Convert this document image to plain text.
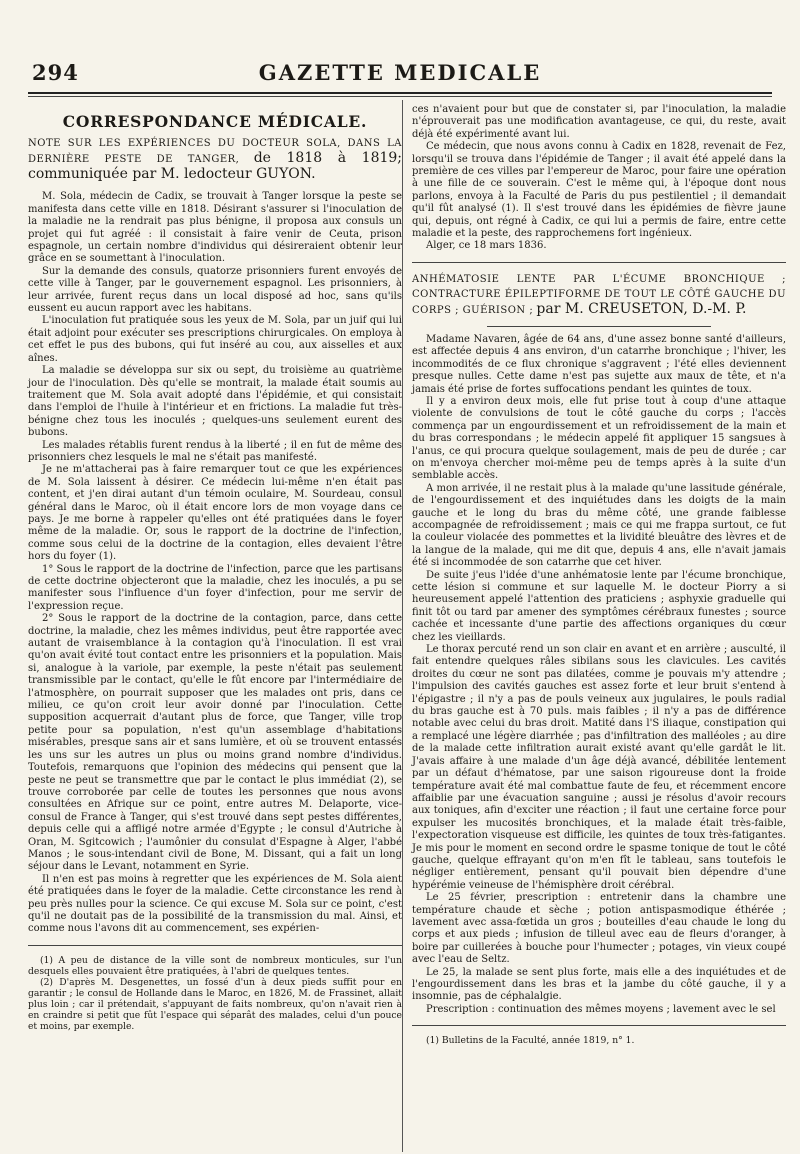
294	GAZETTE MEDICALE
CORRESPONDANCE MÉDICALE.
NOTE SUR LES EXPÉRIENCES DU DOCTEUR SOLA, DANS LA DERNIÈRE PESTE DE TANGER, de 1818 à 1819; communiquée par M. ledocteur GUYON.

M. Sola, médecin de Cadix, se trouvait à Tanger lorsque la peste se manifesta dans cette ville en 1818. Désirant s'assurer si l'inoculation de la maladie ne la rendrait pas plus bénigne, il proposa aux consuls un projet qui fut agréé : il consistait à faire venir de Ceuta, prison espagnole, un certain nombre d'individus qui désireraient obtenir leur grâce en se soumettant à l'inoculation.

Sur la demande des consuls, quatorze prisonniers furent envoyés de cette ville à Tanger, par le gouvernement espagnol. Les prisonniers, à leur arrivée, furent reçus dans un local disposé ad hoc, sans qu'ils eussent eu aucun rapport avec les habitans.

L'inoculation fut pratiquée sous les yeux de M. Sola, par un juif qui lui était adjoint pour exécuter ses prescriptions chirurgicales. On employa à cet effet le pus des bubons, qui fut inséré au cou, aux aisselles et aux aînes.

La maladie se développa sur six ou sept, du troisième au quatrième jour de l'inoculation. Dès qu'elle se montrait, la malade était soumis au traitement que M. Sola avait adopté dans l'épidémie, et qui consistait dans l'emploi de l'huile à l'intérieur et en frictions. La maladie fut très-bénigne chez tous les inoculés ; quelques-uns seulement eurent des bubons.

Les malades rétablis furent rendus à la liberté ; il en fut de même des prisonniers chez lesquels le mal ne s'était pas manifesté.

Je ne m'attacherai pas à faire remarquer tout ce que les expériences de M. Sola laissent à désirer. Ce médecin lui-même n'en était pas content, et j'en dirai autant d'un témoin oculaire, M. Sourdeau, consul général dans le Maroc, où il était encore lors de mon voyage dans ce pays. Je me borne à rappeler qu'elles ont été pratiquées dans le foyer même de la maladie. Or, sous le rapport de la doctrine de l'infection, comme sous celui de la doctrine de la contagion, elles devaient l'être hors du foyer (1).

1° Sous le rapport de la doctrine de l'infection, parce que les partisans de cette doctrine objecteront que la maladie, chez les inoculés, a pu se manifester sous l'influence d'un foyer d'infection, pour me servir de l'expression reçue.

2° Sous le rapport de la doctrine de la contagion, parce, dans cette doctrine, la maladie, chez les mêmes individus, peut être rapportée avec autant de vraisemblance à la contagion qu'à l'inoculation. Il est vrai qu'on avait évité tout contact entre les prisonniers et la population. Mais si, analogue à la variole, par exemple, la peste n'était pas seulement transmissible par le contact, qu'elle le fût encore par l'intermédiaire de l'atmosphère, on pourrait supposer que les malades ont pris, dans ce milieu, ce qu'on croit leur avoir donné par l'inoculation. Cette supposition acquerrait d'autant plus de force, que Tanger, ville trop petite pour sa population, n'est qu'un assemblage d'habitations misérables, presque sans air et sans lumière, et où se trouvent entassés les uns sur les autres un plus ou moins grand nombre d'individus. Toutefois, remarquons que l'opinion des médecins qui pensent que la peste ne peut se transmettre que par le contact le plus immédiat (2), se trouve corroborée par celle de toutes les personnes que nous avons consultées en Afrique sur ce point, entre autres M. Delaporte, vice-consul de France à Tanger, qui s'est trouvé dans sept pestes différentes, depuis celle qui a affligé notre armée d'Egypte ; le consul d'Autriche à Oran, M. Sgitcowich ; l'aumônier du consulat d'Espagne à Alger, l'abbé Manos ; le sous-intendant civil de Bone, M. Dissant, qui a fait un long séjour dans le Levant, notamment en Syrie.

Il n'en est pas moins à regretter que les expériences de M. Sola aient été pratiquées dans le foyer de la maladie. Cette circonstance les rend à peu près nulles pour la science. Ce qui excuse M. Sola sur ce point, c'est qu'il ne doutait pas de la possibilité de la transmission du mal. Ainsi, et comme nous l'avons dit au commencement, ses expérien-

(1) A peu de distance de la ville sont de nombreux monticules, sur l'un desquels elles pouvaient être pratiquées, à l'abri de quelques tentes.

(2) D'après M. Desgenettes, un fossé d'un à deux pieds suffit pour en garantir ; le consul de Hollande dans le Maroc, en 1826, M. de Frassinet, allait plus loin ; car il prétendait, s'appuyant de faits nombreux, qu'on n'avait rien à en craindre si petit que fût l'espace qui séparât des malades, celui d'un pouce et moins, par exemple.

ces n'avaient pour but que de constater si, par l'inoculation, la maladie n'éprouverait pas une modification avantageuse, ce qui, du reste, avait déjà été expérimenté avant lui.

Ce médecin, que nous avons connu à Cadix en 1828, revenait de Fez, lorsqu'il se trouva dans l'épidémie de Tanger ; il avait été appelé dans la première de ces villes par l'empereur de Maroc, pour faire une opération à une fille de ce souverain. C'est le même qui, à l'époque dont nous parlons, envoya à la Faculté de Paris du pus pestilentiel ; il demandait qu'il fût analysé (1). Il s'est trouvé dans les épidémies de fièvre jaune qui, depuis, ont régné à Cadix, ce qui lui a permis de faire, entre cette maladie et la peste, des rapprochemens fort ingénieux.

Alger, ce 18 mars 1836.

ANHÉMATOSIE LENTE PAR L'ÉCUME BRONCHIQUE ; CONTRACTURE ÉPILEPTIFORME DE TOUT LE CÔTÉ GAUCHE DU CORPS ; GUÉRISON ; par M. CREUSETON, D.-M. P.

Madame Navaren, âgée de 64 ans, d'une assez bonne santé d'ailleurs, est affectée depuis 4 ans environ, d'un catarrhe bronchique ; l'hiver, les incommodités de ce flux chronique s'aggravent ; l'été elles deviennent presque nulles. Cette dame n'est pas sujette aux maux de tête, et n'a jamais été prise de fortes suffocations pendant les quintes de toux.

Il y a environ deux mois, elle fut prise tout à coup d'une attaque violente de convulsions de tout le côté gauche du corps ; l'accès commença par un engourdissement et un refroidissement de la main et du bras correspondans ; le médecin appelé fit appliquer 15 sangsues à l'anus, ce qui procura quelque soulagement, mais de peu de durée ; car on m'envoya chercher moi-même peu de temps après à la suite d'un semblable accès.

A mon arrivée, il ne restait plus à la malade qu'une lassitude générale, de l'engourdissement et des inquiétudes dans les doigts de la main gauche et le long du bras du même côté, une grande faiblesse accompagnée de refroidissement ; mais ce qui me frappa surtout, ce fut la couleur violacée des pommettes et la lividité bleuâtre des lèvres et de la langue de la malade, qui me dit que, depuis 4 ans, elle n'avait jamais été si incommodée de son catarrhe que cet hiver.

De suite j'eus l'idée d'une anhématosie lente par l'écume bronchique, cette lésion si commune et sur laquelle M. le docteur Piorry a si heureusement appelé l'attention des praticiens ; asphyxie graduelle qui finit tôt ou tard par amener des symptômes cérébraux funestes ; source cachée et incessante d'une partie des affections organiques du cœur chez les vieillards.

Le thorax percuté rend un son clair en avant et en arrière ; ausculté, il fait entendre quelques râles sibilans sous les clavicules. Les cavités droites du cœur ne sont pas dilatées, comme je pouvais m'y attendre ; l'impulsion des cavités gauches est assez forte et leur bruit s'entend à l'épigastre ; il n'y a pas de pouls veineux aux jugulaires, le pouls radial du bras gauche est à 70 puls. mais faibles ; il n'y a pas de différence notable avec celui du bras droit. Matité dans l'S iliaque, constipation qui a remplacé une légère diarrhée ; pas d'infiltration des malléoles ; au dire de la malade cette infiltration aurait existé avant qu'elle gardât le lit. J'avais affaire à une malade d'un âge déjà avancé, débilitée lentement par un défaut d'hématose, par une saison rigoureuse dont la froide température avait été mal combattue faute de feu, et récemment encore affaiblie par une évacuation sanguine ; aussi je résolus d'avoir recours aux toniques, afin d'exciter une réaction ; il faut une certaine force pour expulser les mucosités bronchiques, et la malade était très-faible, l'expectoration visqueuse est difficile, les quintes de toux très-fatigantes. Je mis pour le moment en second ordre le spasme tonique de tout le côté gauche, quelque effrayant qu'on m'en fît le tableau, sans toutefois le négliger entièrement, pensant qu'il pouvait bien dépendre d'une hypérémie veineuse de l'hémisphère droit cérébral.

Le 25 février, prescription : entretenir dans la chambre une température chaude et sèche ; potion antispasmodique éthérée ; lavement avec assa-fœtida un gros ; bouteilles d'eau chaude le long du corps et aux pieds ; infusion de tilleul avec eau de fleurs d'oranger, à boire par cuillerées à bouche pour l'humecter ; potages, vin vieux coupé avec l'eau de Seltz.

Le 25, la malade se sent plus forte, mais elle a des inquiétudes et de l'engourdissement dans les bras et la jambe du côté gauche, il y a insomnie, pas de céphalalgie.

Prescription : continuation des mêmes moyens ; lavement avec le sel

(1) Bulletins de la Faculté, année 1819, n° 1.
